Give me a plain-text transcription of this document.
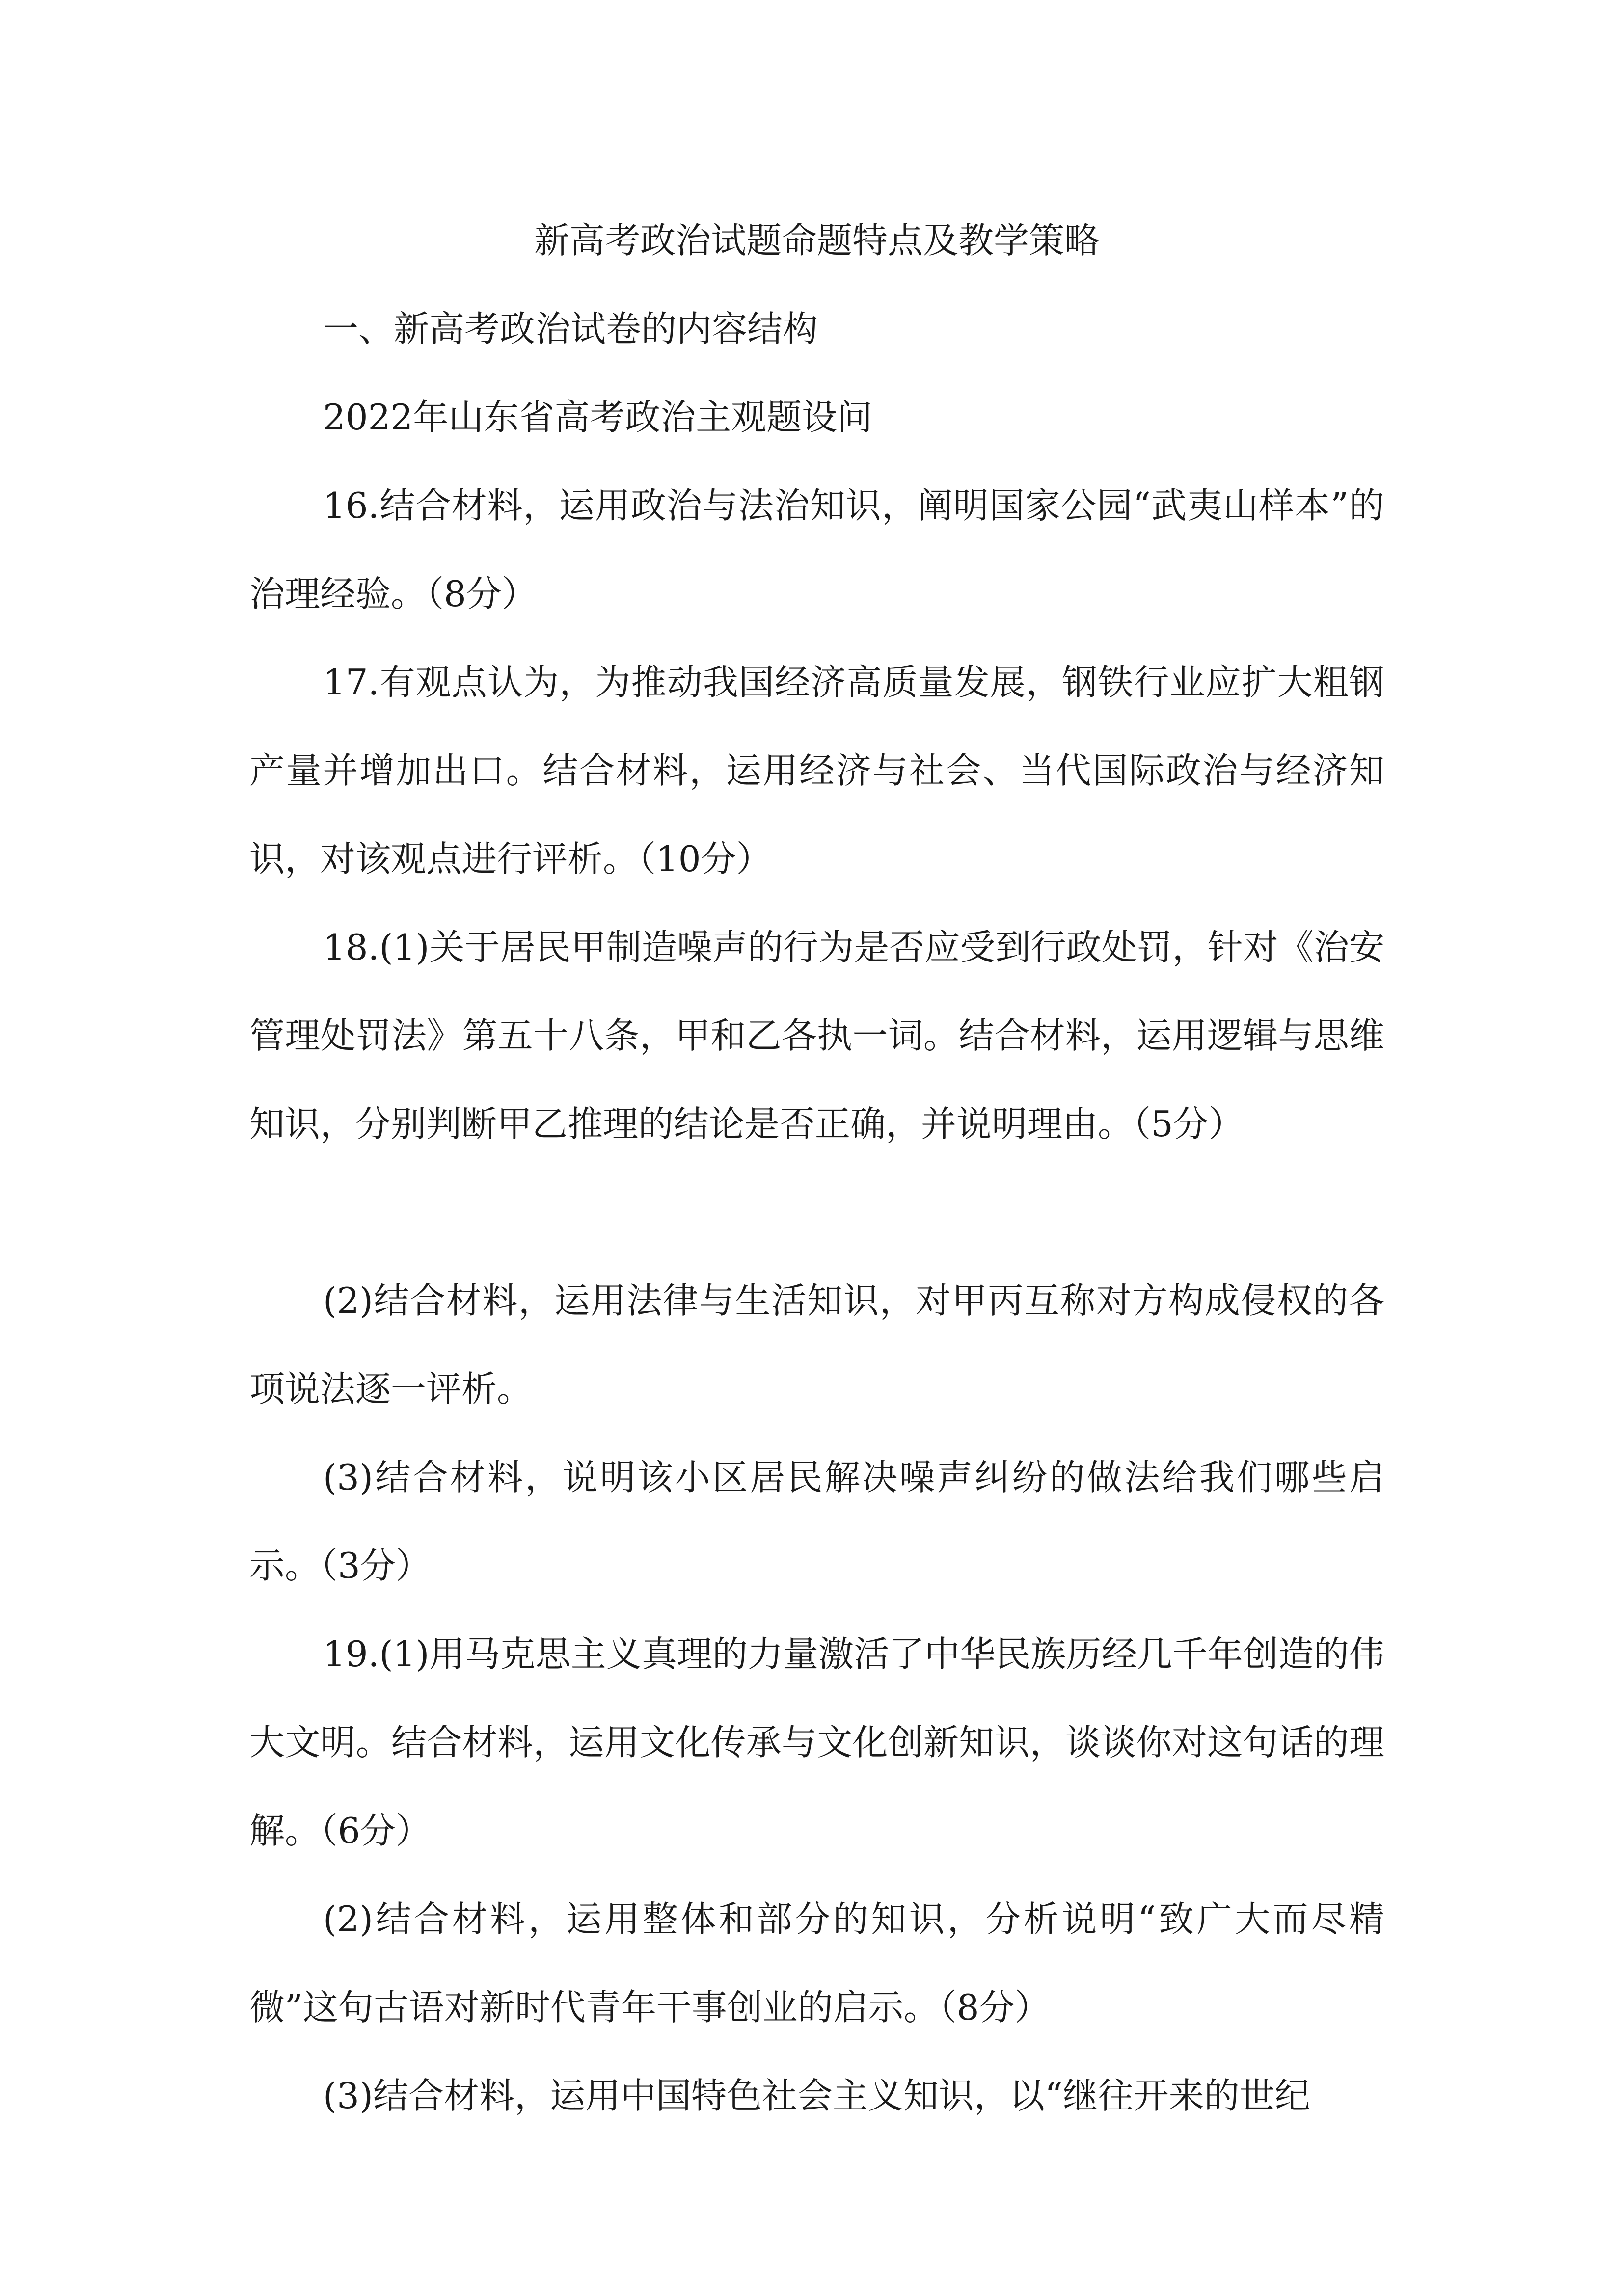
新高考政治试题命题特点及教学策略
一、新高考政治试卷的内容结构

2022年山东省高考政治主观题设问

16.结合材料，运用政治与法治知识，阐明国家公园“武夷山样本”的治理经验。（8分）

17.有观点认为，为推动我国经济高质量发展，钢铁行业应扩大粗钢产量并增加出口。结合材料，运用经济与社会、当代国际政治与经济知识，对该观点进行评析。（10分）

18.(1)关于居民甲制造噪声的行为是否应受到行政处罚，针对《治安管理处罚法》第五十八条，甲和乙各执一词。结合材料，运用逻辑与思维知识，分别判断甲乙推理的结论是否正确，并说明理由。（5分）

(2)结合材料，运用法律与生活知识，对甲丙互称对方构成侵权的各项说法逐一评析。

(3)结合材料，说明该小区居民解决噪声纠纷的做法给我们哪些启示。（3分）

19.(1)用马克思主义真理的力量激活了中华民族历经几千年创造的伟大文明。结合材料，运用文化传承与文化创新知识，谈谈你对这句话的理解。（6分）

(2)结合材料，运用整体和部分的知识，分析说明“致广大而尽精微”这句古语对新时代青年干事创业的启示。（8分）

(3)结合材料，运用中国特色社会主义知识，以“继往开来的世纪
